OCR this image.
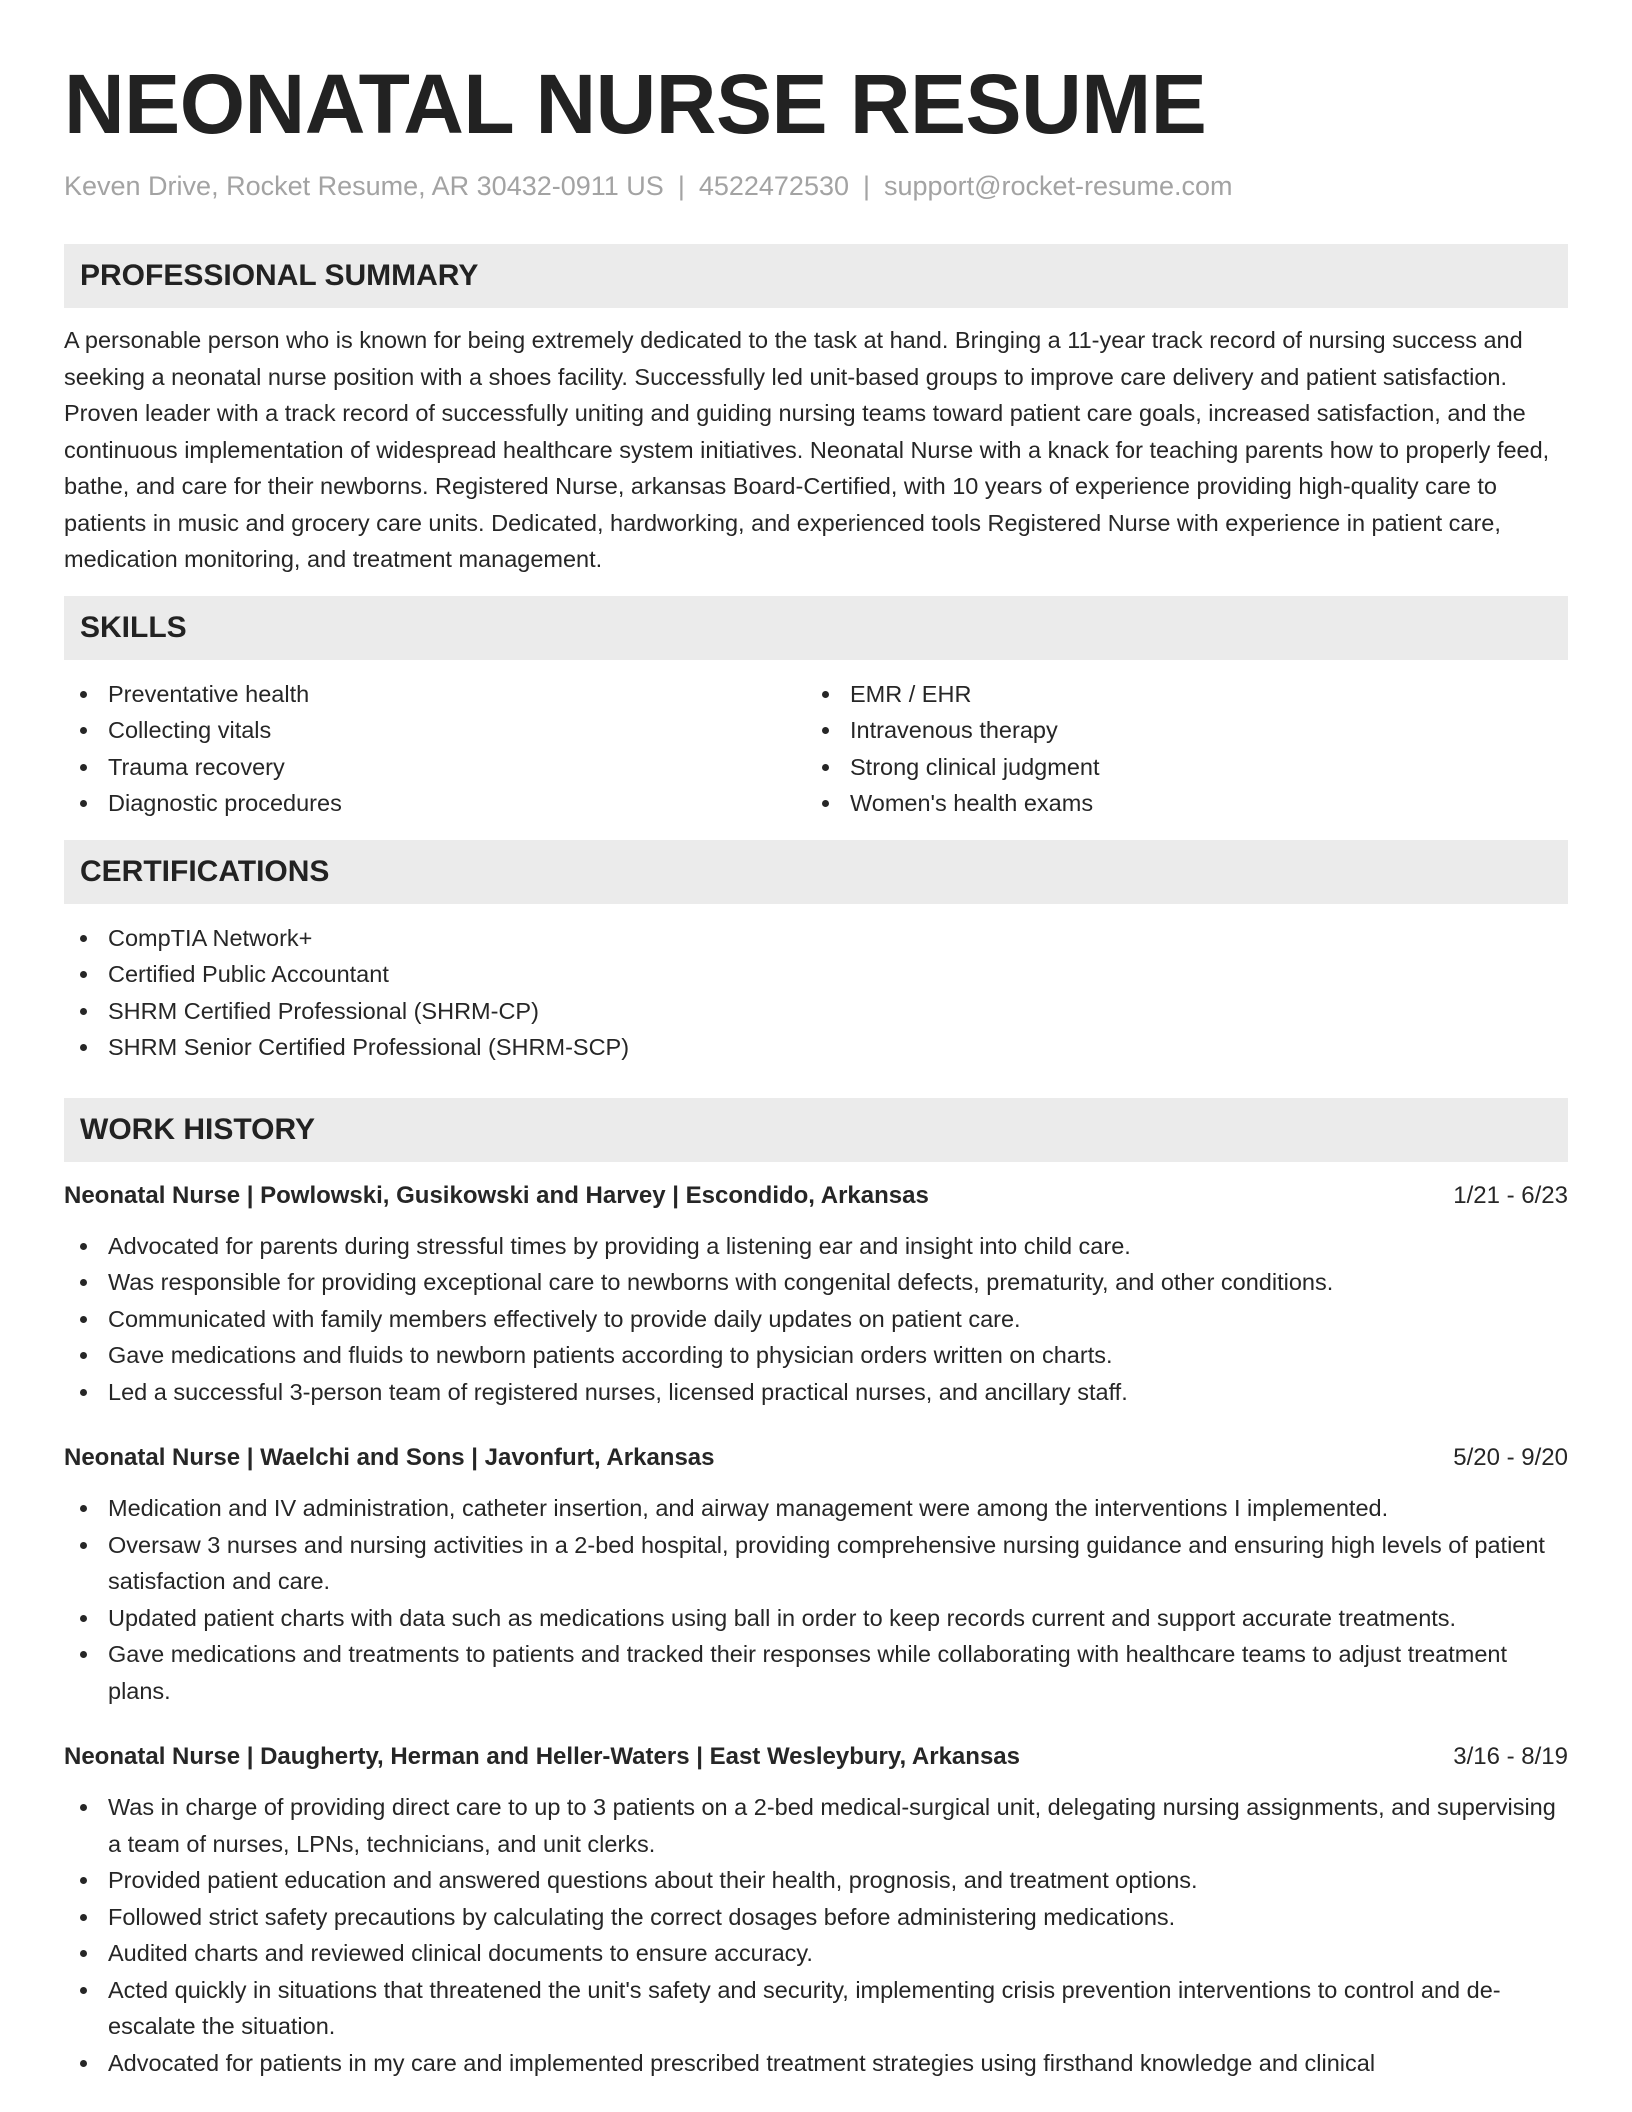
NEONATAL NURSE RESUME
Keven Drive, Rocket Resume, AR 30432-0911 US | 4522472530 | support@rocket-resume.com
PROFESSIONAL SUMMARY

A personable person who is known for being extremely dedicated to the task at hand. Bringing a 11-year track record of nursing success and seeking a neonatal nurse position with a shoes facility. Successfully led unit-based groups to improve care delivery and patient satisfaction. Proven leader with a track record of successfully uniting and guiding nursing teams toward patient care goals, increased satisfaction, and the continuous implementation of widespread healthcare system initiatives. Neonatal Nurse with a knack for teaching parents how to properly feed, bathe, and care for their newborns. Registered Nurse, arkansas Board-Certified, with 10 years of experience providing high-quality care to patients in music and grocery care units. Dedicated, hardworking, and experienced tools Registered Nurse with experience in patient care, medication monitoring, and treatment management.

SKILLS
Preventative health
Collecting vitals
Trauma recovery
Diagnostic procedures
EMR / EHR
Intravenous therapy
Strong clinical judgment
Women's health exams
CERTIFICATIONS
CompTIA Network+
Certified Public Accountant
SHRM Certified Professional (SHRM-CP)
SHRM Senior Certified Professional (SHRM-SCP)
WORK HISTORY
Neonatal Nurse | Powlowski, Gusikowski and Harvey | Escondido, Arkansas	1/21 - 6/23
Advocated for parents during stressful times by providing a listening ear and insight into child care.
Was responsible for providing exceptional care to newborns with congenital defects, prematurity, and other conditions.
Communicated with family members effectively to provide daily updates on patient care.
Gave medications and fluids to newborn patients according to physician orders written on charts.
Led a successful 3-person team of registered nurses, licensed practical nurses, and ancillary staff.
Neonatal Nurse | Waelchi and Sons | Javonfurt, Arkansas	5/20 - 9/20
Medication and IV administration, catheter insertion, and airway management were among the interventions I implemented.
Oversaw 3 nurses and nursing activities in a 2-bed hospital, providing comprehensive nursing guidance and ensuring high levels of patient satisfaction and care.
Updated patient charts with data such as medications using ball in order to keep records current and support accurate treatments.
Gave medications and treatments to patients and tracked their responses while collaborating with healthcare teams to adjust treatment plans.
Neonatal Nurse | Daugherty, Herman and Heller-Waters | East Wesleybury, Arkansas	3/16 - 8/19
Was in charge of providing direct care to up to 3 patients on a 2-bed medical-surgical unit, delegating nursing assignments, and supervising a team of nurses, LPNs, technicians, and unit clerks.
Provided patient education and answered questions about their health, prognosis, and treatment options.
Followed strict safety precautions by calculating the correct dosages before administering medications.
Audited charts and reviewed clinical documents to ensure accuracy.
Acted quickly in situations that threatened the unit's safety and security, implementing crisis prevention interventions to control and de-escalate the situation.
Advocated for patients in my care and implemented prescribed treatment strategies using firsthand knowledge and clinical
